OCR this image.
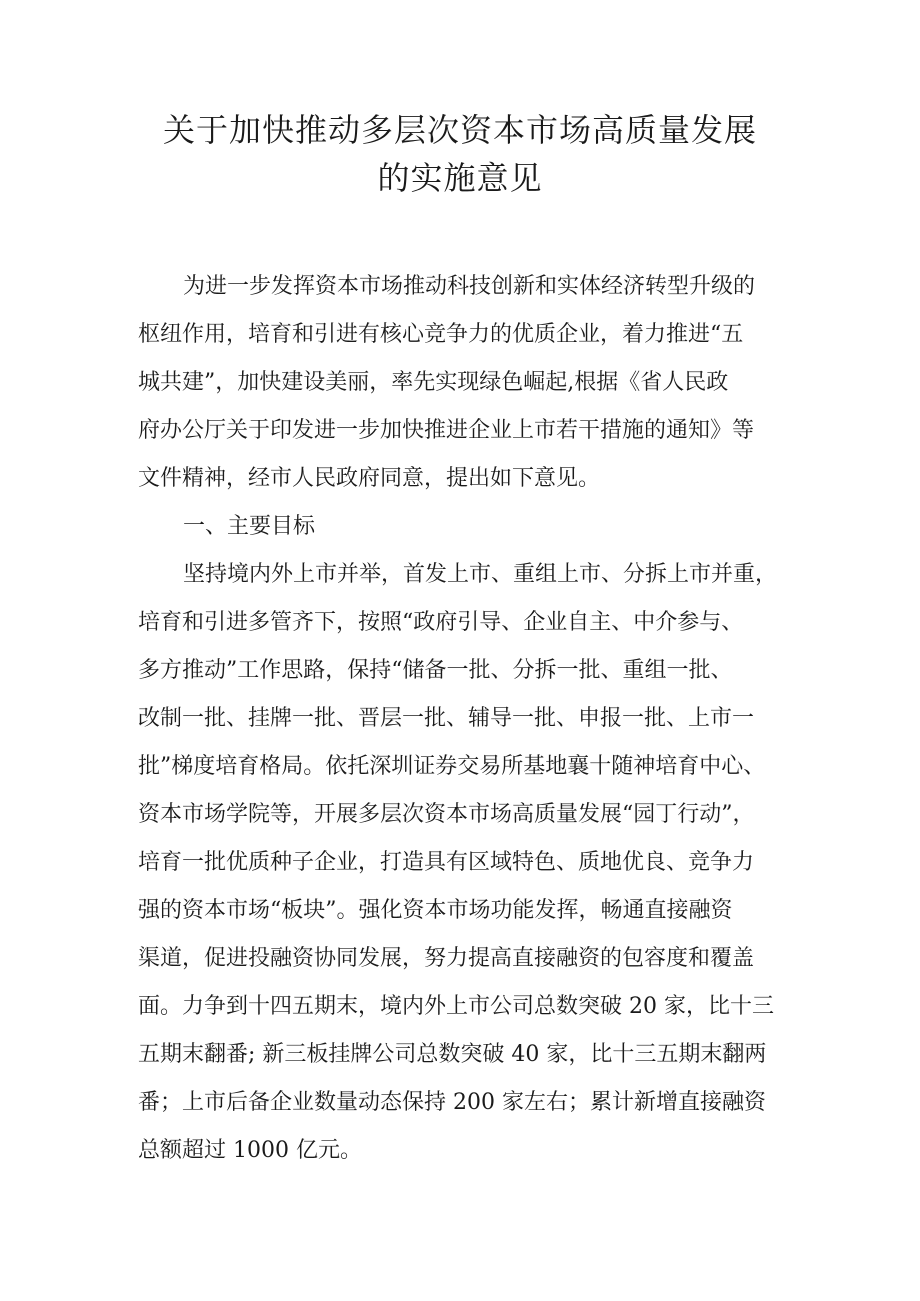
关于加快推动多层次资本市场高质量发展
的实施意见
为进一步发挥资本市场推动科技创新和实体经济转型升级的
枢纽作用，培育和引进有核心竞争力的优质企业，着力推进“五
城共建”，加快建设美丽，率先实现绿色崛起,根据《省人民政
府办公厅关于印发进一步加快推进企业上市若干措施的通知》等
文件精神，经市人民政府同意，提出如下意见。
一、主要目标
坚持境内外上市并举，首发上市、重组上市、分拆上市并重，
培育和引进多管齐下，按照“政府引导、企业自主、中介参与、
多方推动”工作思路，保持“储备一批、分拆一批、重组一批、
改制一批、挂牌一批、晋层一批、辅导一批、申报一批、上市一
批”梯度培育格局。依托深圳证券交易所基地襄十随神培育中心、
资本市场学院等，开展多层次资本市场高质量发展“园丁行动”，
培育一批优质种子企业，打造具有区域特色、质地优良、竞争力
强的资本市场“板块”。强化资本市场功能发挥，畅通直接融资
渠道，促进投融资协同发展，努力提高直接融资的包容度和覆盖
面。力争到十四五期末，境内外上市公司总数突破 20 家，比十三
五期末翻番; 新三板挂牌公司总数突破 40 家，比十三五期末翻两
番；上市后备企业数量动态保持 200 家左右；累计新增直接融资
总额超过 1000 亿元。
